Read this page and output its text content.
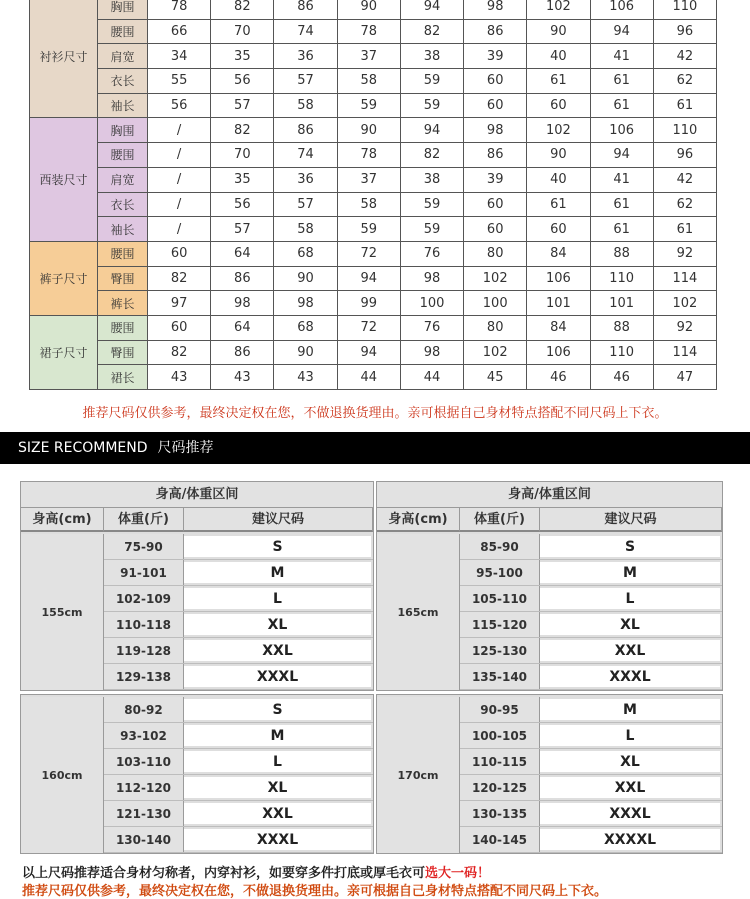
衬衫尺寸	胸围	78	82	86	90	94	98	102	106	110
	腰围	66	70	74	78	82	86	90	94	96
	肩宽	34	35	36	37	38	39	40	41	42
	衣长	55	56	57	58	59	60	61	61	62
	袖长	56	57	58	59	59	60	60	61	61
西装尺寸	胸围	/	82	86	90	94	98	102	106	110
	腰围	/	70	74	78	82	86	90	94	96
	肩宽	/	35	36	37	38	39	40	41	42
	衣长	/	56	57	58	59	60	61	61	62
	袖长	/	57	58	59	59	60	60	61	61
裤子尺寸	腰围	60	64	68	72	76	80	84	88	92
	臀围	82	86	90	94	98	102	106	110	114
	裤长	97	98	98	99	100	100	101	101	102
裙子尺寸	腰围	60	64	68	72	76	80	84	88	92
	臀围	82	86	90	94	98	102	106	110	114
	裙长	43	43	43	44	44	45	46	46	47
推荐尺码仅供参考，最终决定权在您，不做退换货理由。亲可根据自己身材特点搭配不同尺码上下衣。
SIZE RECOMMEND 尺码推荐
身高/体重区间
身高(cm)	体重(斤)	建议尺码
155cm
75-90	S
91-101	M
102-109	L
110-118	XL
119-128	XXL
129-138	XXXL
身高/体重区间
身高(cm)	体重(斤)	建议尺码
165cm
85-90	S
95-100	M
105-110	L
115-120	XL
125-130	XXL
135-140	XXXL
160cm
80-92	S
93-102	M
103-110	L
112-120	XL
121-130	XXL
130-140	XXXL
170cm
90-95	M
100-105	L
110-115	XL
120-125	XXL
130-135	XXXL
140-145	XXXXL
以上尺码推荐适合身材匀称者，内穿衬衫，如要穿多件打底或厚毛衣可选大一码！
推荐尺码仅供参考，最终决定权在您，不做退换货理由。亲可根据自己身材特点搭配不同尺码上下衣。
